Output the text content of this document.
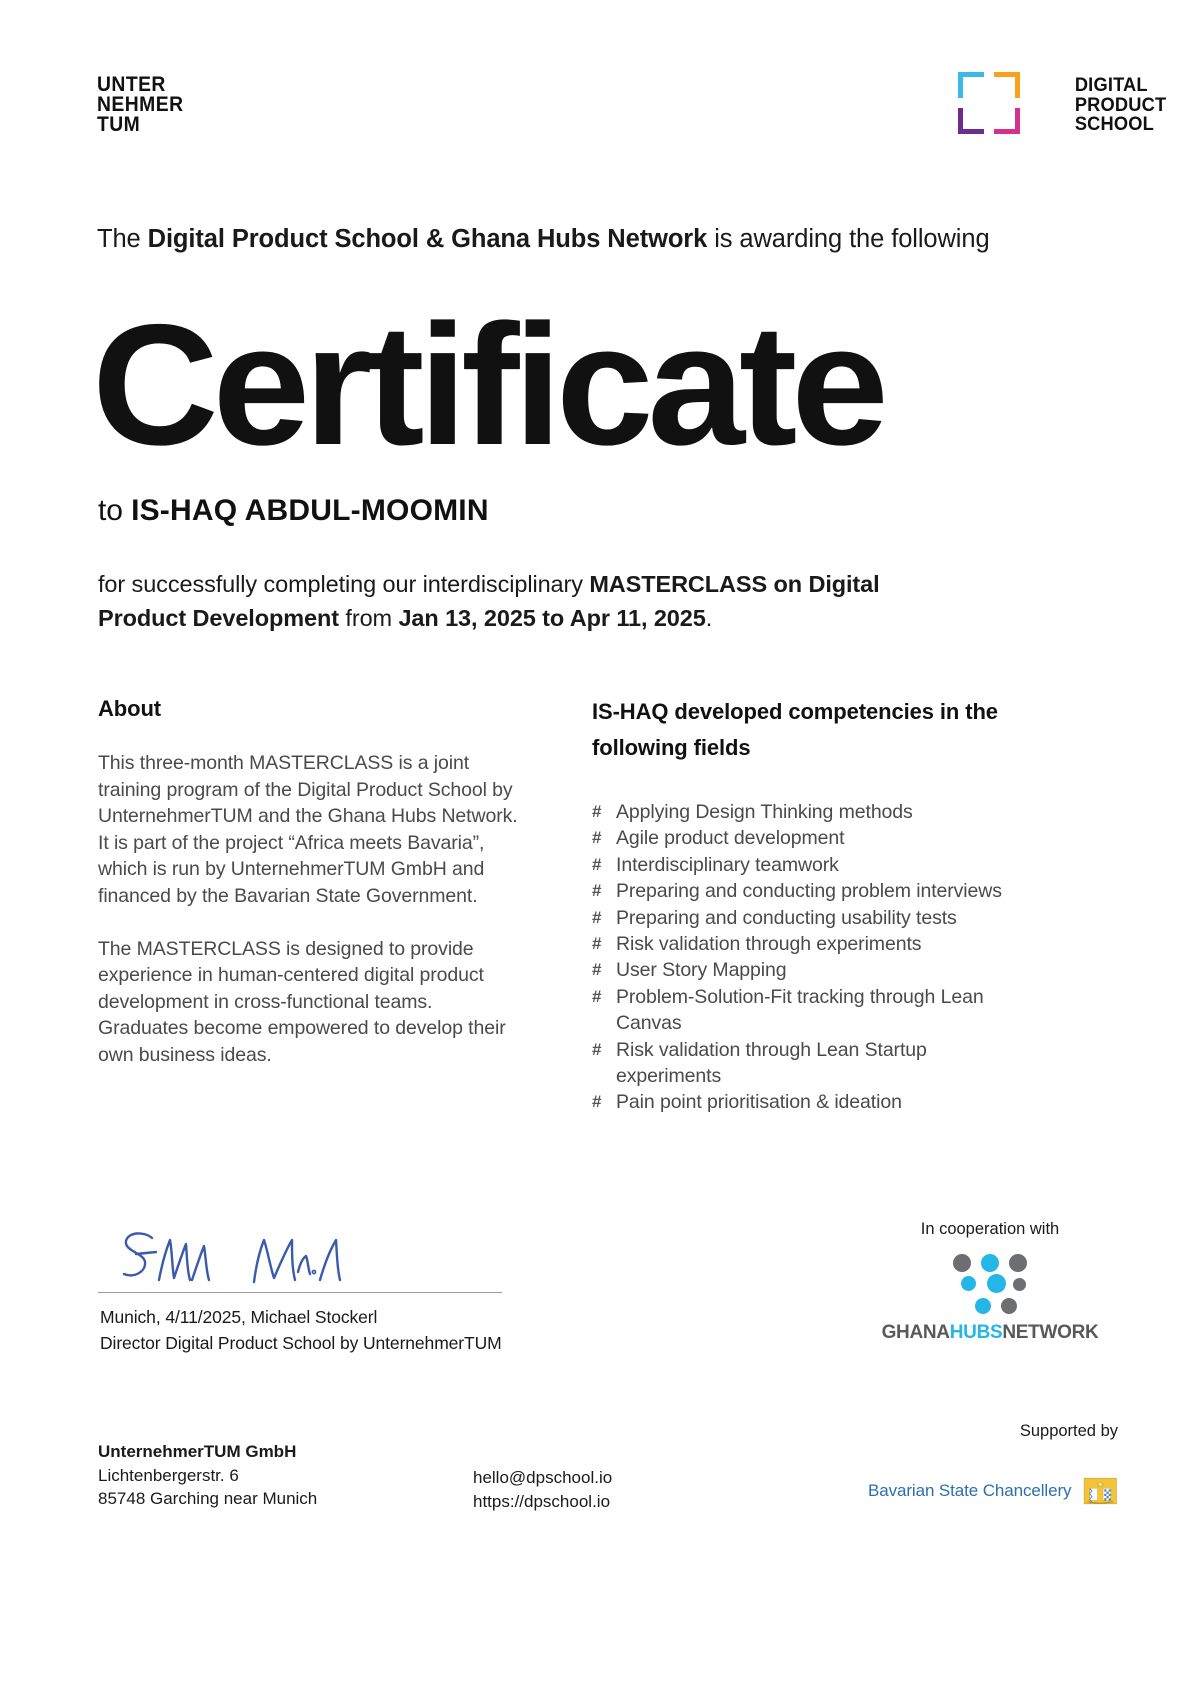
UNTER
NEHMER
TUM
DIGITAL
PRODUCT
SCHOOL
The Digital Product School & Ghana Hubs Network is awarding the following
Certificate
to IS-HAQ ABDUL-MOOMIN
for successfully completing our interdisciplinary MASTERCLASS on Digital Product Development from Jan 13, 2025 to Apr 11, 2025.
About
This three-month MASTERCLASS is a joint training program of the Digital Product School by UnternehmerTUM and the Ghana Hubs Network. It is part of the project “Africa meets Bavaria”, which is run by UnternehmerTUM GmbH and financed by the Bavarian State Government.
The MASTERCLASS is designed to provide experience in human-centered digital product development in cross-functional teams. Graduates become empowered to develop their own business ideas.
IS-HAQ developed competencies in the following fields
# Applying Design Thinking methods
# Agile product development
# Interdisciplinary teamwork
# Preparing and conducting problem interviews
# Preparing and conducting usability tests
# Risk validation through experiments
# User Story Mapping
# Problem-Solution-Fit tracking through Lean Canvas
# Risk validation through Lean Startup experiments
# Pain point prioritisation & ideation
Munich, 4/11/2025, Michael Stockerl
Director Digital Product School by UnternehmerTUM
In cooperation with
GHANAHUBSNETWORK
UnternehmerTUM GmbH
Lichtenbergerstr. 6
85748 Garching near Munich
hello@dpschool.io
https://dpschool.io
Supported by
Bavarian State Chancellery
